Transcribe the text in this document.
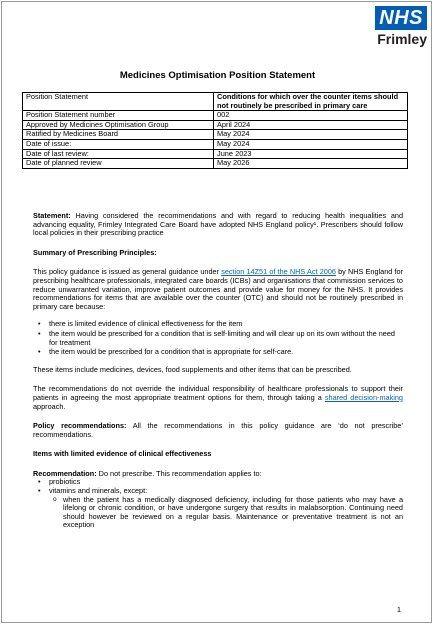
NHS
Frimley
Medicines Optimisation Position Statement
Position Statement	Conditions for which over the counter items should not routinely be prescribed in primary care
Position Statement number	002
Approved by Medicines Optimisation Group	April 2024
Ratified by Medicines Board	May 2024
Date of issue:	May 2024
Date of last review:	June 2023
Date of planned review	May 2026

Statement: Having considered the recommendations and with regard to reducing health inequalities and advancing equality, Frimley Integrated Care Board have adopted NHS England policy¹. Prescribers should follow local policies in their prescribing practice

Summary of Prescribing Principles:

This policy guidance is issued as general guidance under section 14Z51 of the NHS Act 2006 by NHS England for prescribing healthcare professionals, integrated care boards (ICBs) and organisations that commission services to reduce unwarranted variation, improve patient outcomes and provide value for money for the NHS. It provides recommendations for items that are available over the counter (OTC) and should not be routinely prescribed in primary care because:

• there is limited evidence of clinical effectiveness for the item
• the item would be prescribed for a condition that is self-limiting and will clear up on its own without the need for treatment
• the item would be prescribed for a condition that is appropriate for self-care.

These items include medicines, devices, food supplements and other items that can be prescribed.

The recommendations do not override the individual responsibility of healthcare professionals to support their patients in agreeing the most appropriate treatment options for them, through taking a shared decision-making approach.

Policy recommendations: All the recommendations in this policy guidance are ‘do not prescribe’ recommendations.

Items with limited evidence of clinical effectiveness

Recommendation: Do not prescribe. This recommendation applies to:

• probiotics
• vitamins and minerals, except:
o when the patient has a medically diagnosed deficiency, including for those patients who may have a lifelong or chronic condition, or have undergone surgery that results in malabsorption. Continuing need should however be reviewed on a regular basis. Maintenance or preventative treatment is not an exception
1
